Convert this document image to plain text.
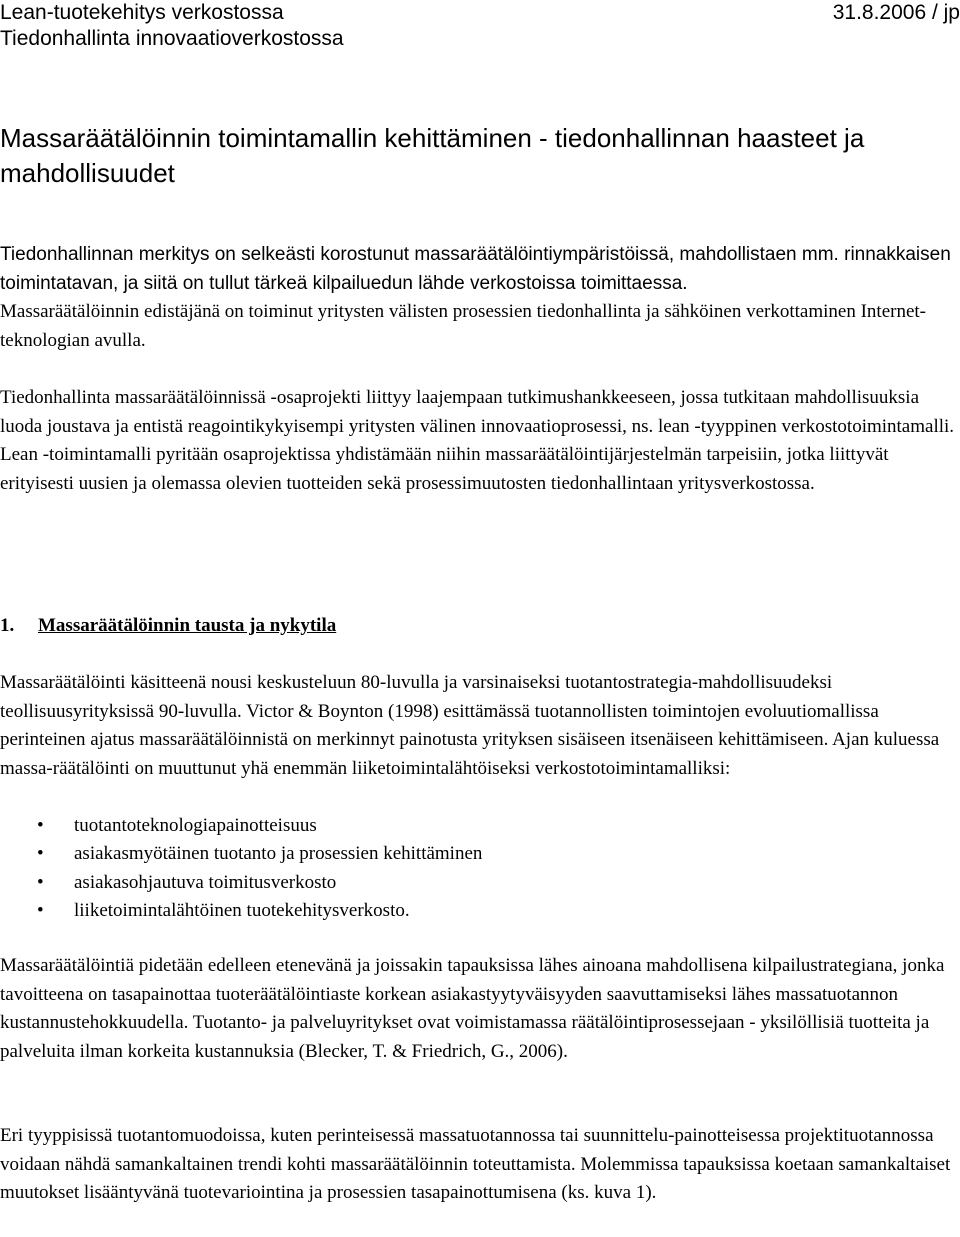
Lean-tuotekehitys verkostossa	31.8.2006 / jp
Tiedonhallinta innovaatioverkostossa
Massaräätälöinnin toimintamallin kehittäminen - tiedonhallinnan haasteet ja mahdollisuudet

Tiedonhallinnan merkitys on selkeästi korostunut massaräätälöintiympäristöissä, mahdollistaen mm. rinnakkaisen toimintatavan, ja siitä on tullut tärkeä kilpailuedun lähde verkostoissa toimittaessa.
Massaräätälöinnin edistäjänä on toiminut yritysten välisten prosessien tiedonhallinta ja sähköinen verkottaminen Internet-teknologian avulla.

Tiedonhallinta massaräätälöinnissä -osaprojekti liittyy laajempaan tutkimushankkeeseen, jossa tutkitaan mahdollisuuksia luoda joustava ja entistä reagointikykyisempi yritysten välinen innovaatioprosessi, ns. lean -tyyppinen verkostotoimintamalli. Lean -toimintamalli pyritään osaprojektissa yhdistämään niihin massaräätälöintijärjestelmän tarpeisiin, jotka liittyvät erityisesti uusien ja olemassa olevien tuotteiden sekä prosessimuutosten tiedonhallintaan yritysverkostossa.

1. Massaräätälöinnin tausta ja nykytila

Massaräätälöinti käsitteenä nousi keskusteluun 80-luvulla ja varsinaiseksi tuotantostrategia-mahdollisuudeksi teollisuusyrityksissä 90-luvulla. Victor & Boynton (1998) esittämässä tuotannollisten toimintojen evoluutiomallissa perinteinen ajatus massaräätälöinnistä on merkinnyt painotusta yrityksen sisäiseen itsenäiseen kehittämiseen. Ajan kuluessa massa-räätälöinti on muuttunut yhä enemmän liiketoimintalähtöiseksi verkostotoimintamalliksi:

• tuotantoteknologiapainotteisuus
• asiakasmyötäinen tuotanto ja prosessien kehittäminen
• asiakasohjautuva toimitusverkosto
• liiketoimintalähtöinen tuotekehitysverkosto.

Massaräätälöintiä pidetään edelleen etenevänä ja joissakin tapauksissa lähes ainoana mahdollisena kilpailustrategiana, jonka tavoitteena on tasapainottaa tuoteräätälöintiaste korkean asiakastyytyväisyyden saavuttamiseksi lähes massatuotannon kustannustehokkuudella. Tuotanto- ja palveluyritykset ovat voimistamassa räätälöintiprosessejaan - yksilöllisiä tuotteita ja palveluita ilman korkeita kustannuksia (Blecker, T. & Friedrich, G., 2006).

Eri tyyppisissä tuotantomuodoissa, kuten perinteisessä massatuotannossa tai suunnittelu-painotteisessa projektituotannossa voidaan nähdä samankaltainen trendi kohti massaräätälöinnin toteuttamista. Molemmissa tapauksissa koetaan samankaltaiset muutokset lisääntyvänä tuotevariointina ja prosessien tasapainottumisena (ks. kuva 1).
